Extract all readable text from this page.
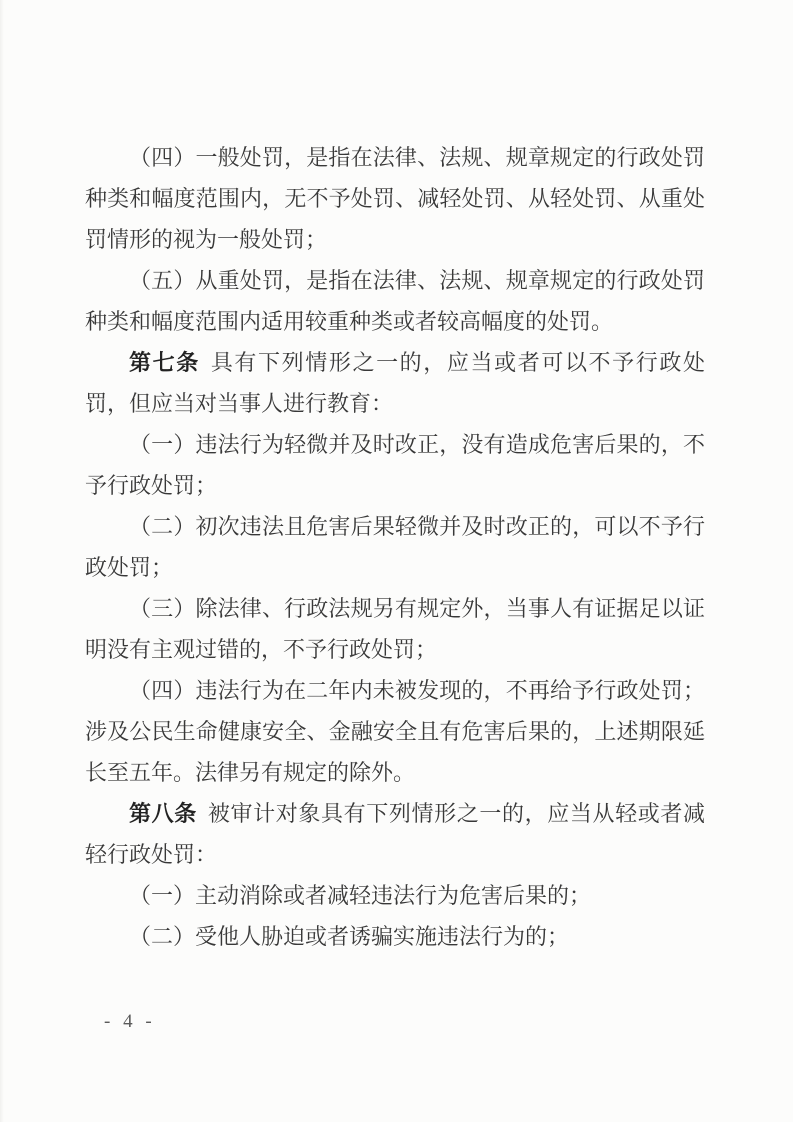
（四）一般处罚，是指在法律、法规、规章规定的行政处罚种类和幅度范围内，无不予处罚、减轻处罚、从轻处罚、从重处罚情形的视为一般处罚；

（五）从重处罚，是指在法律、法规、规章规定的行政处罚种类和幅度范围内适用较重种类或者较高幅度的处罚。

第七条 具有下列情形之一的，应当或者可以不予行政处罚，但应当对当事人进行教育：

（一）违法行为轻微并及时改正，没有造成危害后果的，不予行政处罚；

（二）初次违法且危害后果轻微并及时改正的，可以不予行政处罚；

（三）除法律、行政法规另有规定外，当事人有证据足以证明没有主观过错的，不予行政处罚；

（四）违法行为在二年内未被发现的，不再给予行政处罚；涉及公民生命健康安全、金融安全且有危害后果的，上述期限延长至五年。法律另有规定的除外。

第八条 被审计对象具有下列情形之一的，应当从轻或者减轻行政处罚：

（一）主动消除或者减轻违法行为危害后果的；

（二）受他人胁迫或者诱骗实施违法行为的；

- 4 -
